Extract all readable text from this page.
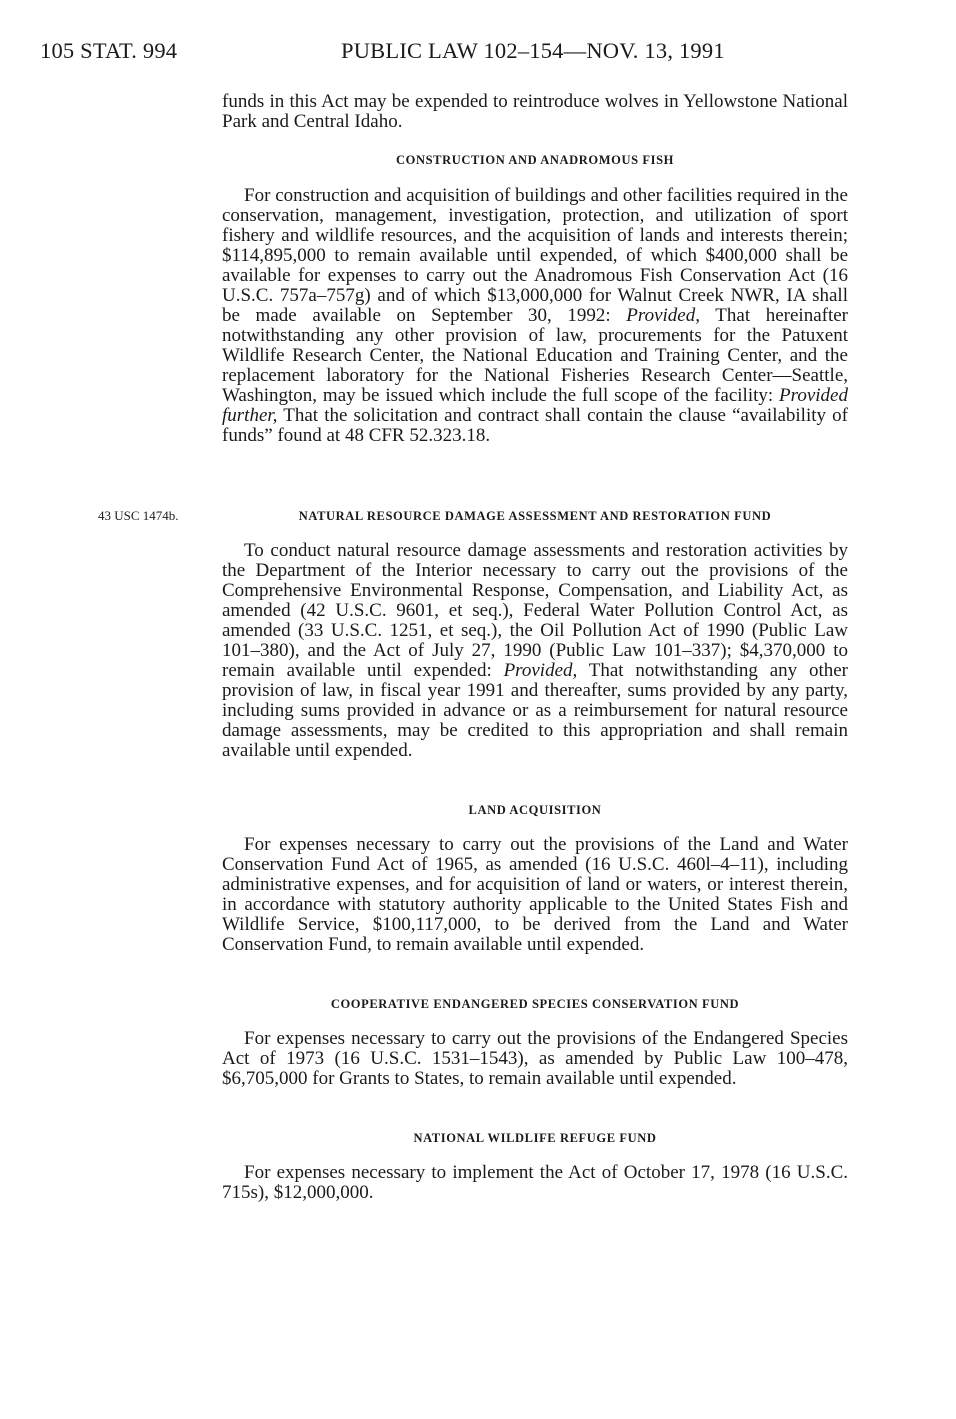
105 STAT. 994	PUBLIC LAW 102–154—NOV. 13, 1991

funds in this Act may be expended to reintroduce wolves in Yellowstone National Park and Central Idaho.

CONSTRUCTION AND ANADROMOUS FISH

For construction and acquisition of buildings and other facilities required in the conservation, management, investigation, protection, and utilization of sport fishery and wildlife resources, and the acquisition of lands and interests therein; $114,895,000 to remain available until expended, of which $400,000 shall be available for expenses to carry out the Anadromous Fish Conservation Act (16 U.S.C. 757a–757g) and of which $13,000,000 for Walnut Creek NWR, IA shall be made available on September 30, 1992: Provided, That hereinafter notwithstanding any other provision of law, procurements for the Patuxent Wildlife Research Center, the National Education and Training Center, and the replacement laboratory for the National Fisheries Research Center—Seattle, Washington, may be issued which include the full scope of the facility: Provided further, That the solicitation and contract shall contain the clause “availability of funds” found at 48 CFR 52.323.18.

43 USC 1474b.	NATURAL RESOURCE DAMAGE ASSESSMENT AND RESTORATION FUND

To conduct natural resource damage assessments and restoration activities by the Department of the Interior necessary to carry out the provisions of the Comprehensive Environmental Response, Compensation, and Liability Act, as amended (42 U.S.C. 9601, et seq.), Federal Water Pollution Control Act, as amended (33 U.S.C. 1251, et seq.), the Oil Pollution Act of 1990 (Public Law 101–380), and the Act of July 27, 1990 (Public Law 101–337); $4,370,000 to remain available until expended: Provided, That notwithstanding any other provision of law, in fiscal year 1991 and thereafter, sums provided by any party, including sums provided in advance or as a reimbursement for natural resource damage assessments, may be credited to this appropriation and shall remain available until expended.

LAND ACQUISITION

For expenses necessary to carry out the provisions of the Land and Water Conservation Fund Act of 1965, as amended (16 U.S.C. 460l–4–11), including administrative expenses, and for acquisition of land or waters, or interest therein, in accordance with statutory authority applicable to the United States Fish and Wildlife Service, $100,117,000, to be derived from the Land and Water Conservation Fund, to remain available until expended.

COOPERATIVE ENDANGERED SPECIES CONSERVATION FUND

For expenses necessary to carry out the provisions of the Endangered Species Act of 1973 (16 U.S.C. 1531–1543), as amended by Public Law 100–478, $6,705,000 for Grants to States, to remain available until expended.

NATIONAL WILDLIFE REFUGE FUND

For expenses necessary to implement the Act of October 17, 1978 (16 U.S.C. 715s), $12,000,000.
